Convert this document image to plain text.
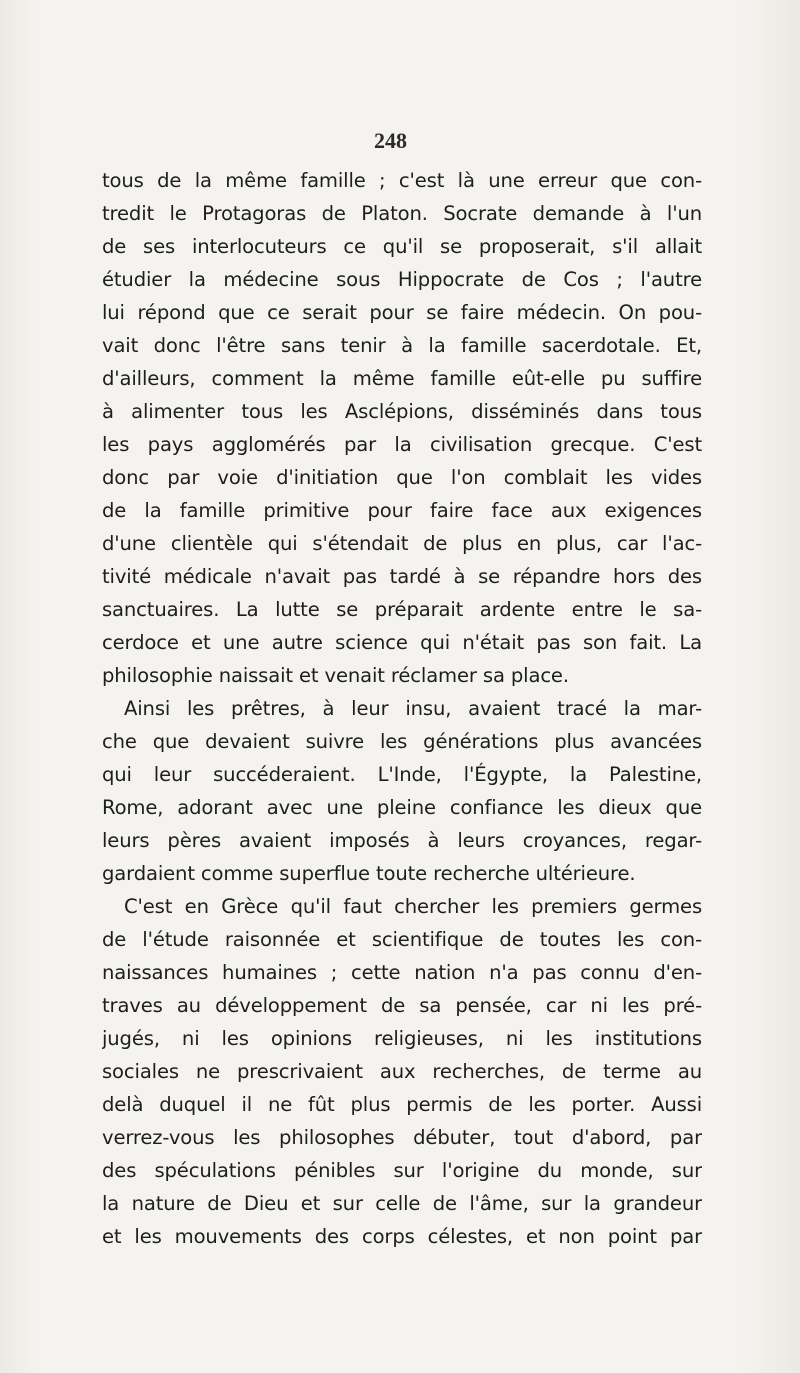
248
tous de la même famille ; c'est là une erreur que con-
tredit le Protagoras de Platon. Socrate demande à l'un
de ses interlocuteurs ce qu'il se proposerait, s'il allait
étudier la médecine sous Hippocrate de Cos ; l'autre
lui répond que ce serait pour se faire médecin. On pou-
vait donc l'être sans tenir à la famille sacerdotale. Et,
d'ailleurs, comment la même famille eût-elle pu suffire
à alimenter tous les Asclépions, disséminés dans tous
les pays agglomérés par la civilisation grecque. C'est
donc par voie d'initiation que l'on comblait les vides
de la famille primitive pour faire face aux exigences
d'une clientèle qui s'étendait de plus en plus, car l'ac-
tivité médicale n'avait pas tardé à se répandre hors des
sanctuaires. La lutte se préparait ardente entre le sa-
cerdoce et une autre science qui n'était pas son fait. La
philosophie naissait et venait réclamer sa place.
Ainsi les prêtres, à leur insu, avaient tracé la mar-
che que devaient suivre les générations plus avancées
qui leur succéderaient. L'Inde, l'Égypte, la Palestine,
Rome, adorant avec une pleine confiance les dieux que
leurs pères avaient imposés à leurs croyances, regar-
gardaient comme superflue toute recherche ultérieure.
C'est en Grèce qu'il faut chercher les premiers germes
de l'étude raisonnée et scientifique de toutes les con-
naissances humaines ; cette nation n'a pas connu d'en-
traves au développement de sa pensée, car ni les pré-
jugés, ni les opinions religieuses, ni les institutions
sociales ne prescrivaient aux recherches, de terme au
delà duquel il ne fût plus permis de les porter. Aussi
verrez-vous les philosophes débuter, tout d'abord, par
des spéculations pénibles sur l'origine du monde, sur
la nature de Dieu et sur celle de l'âme, sur la grandeur
et les mouvements des corps célestes, et non point par
